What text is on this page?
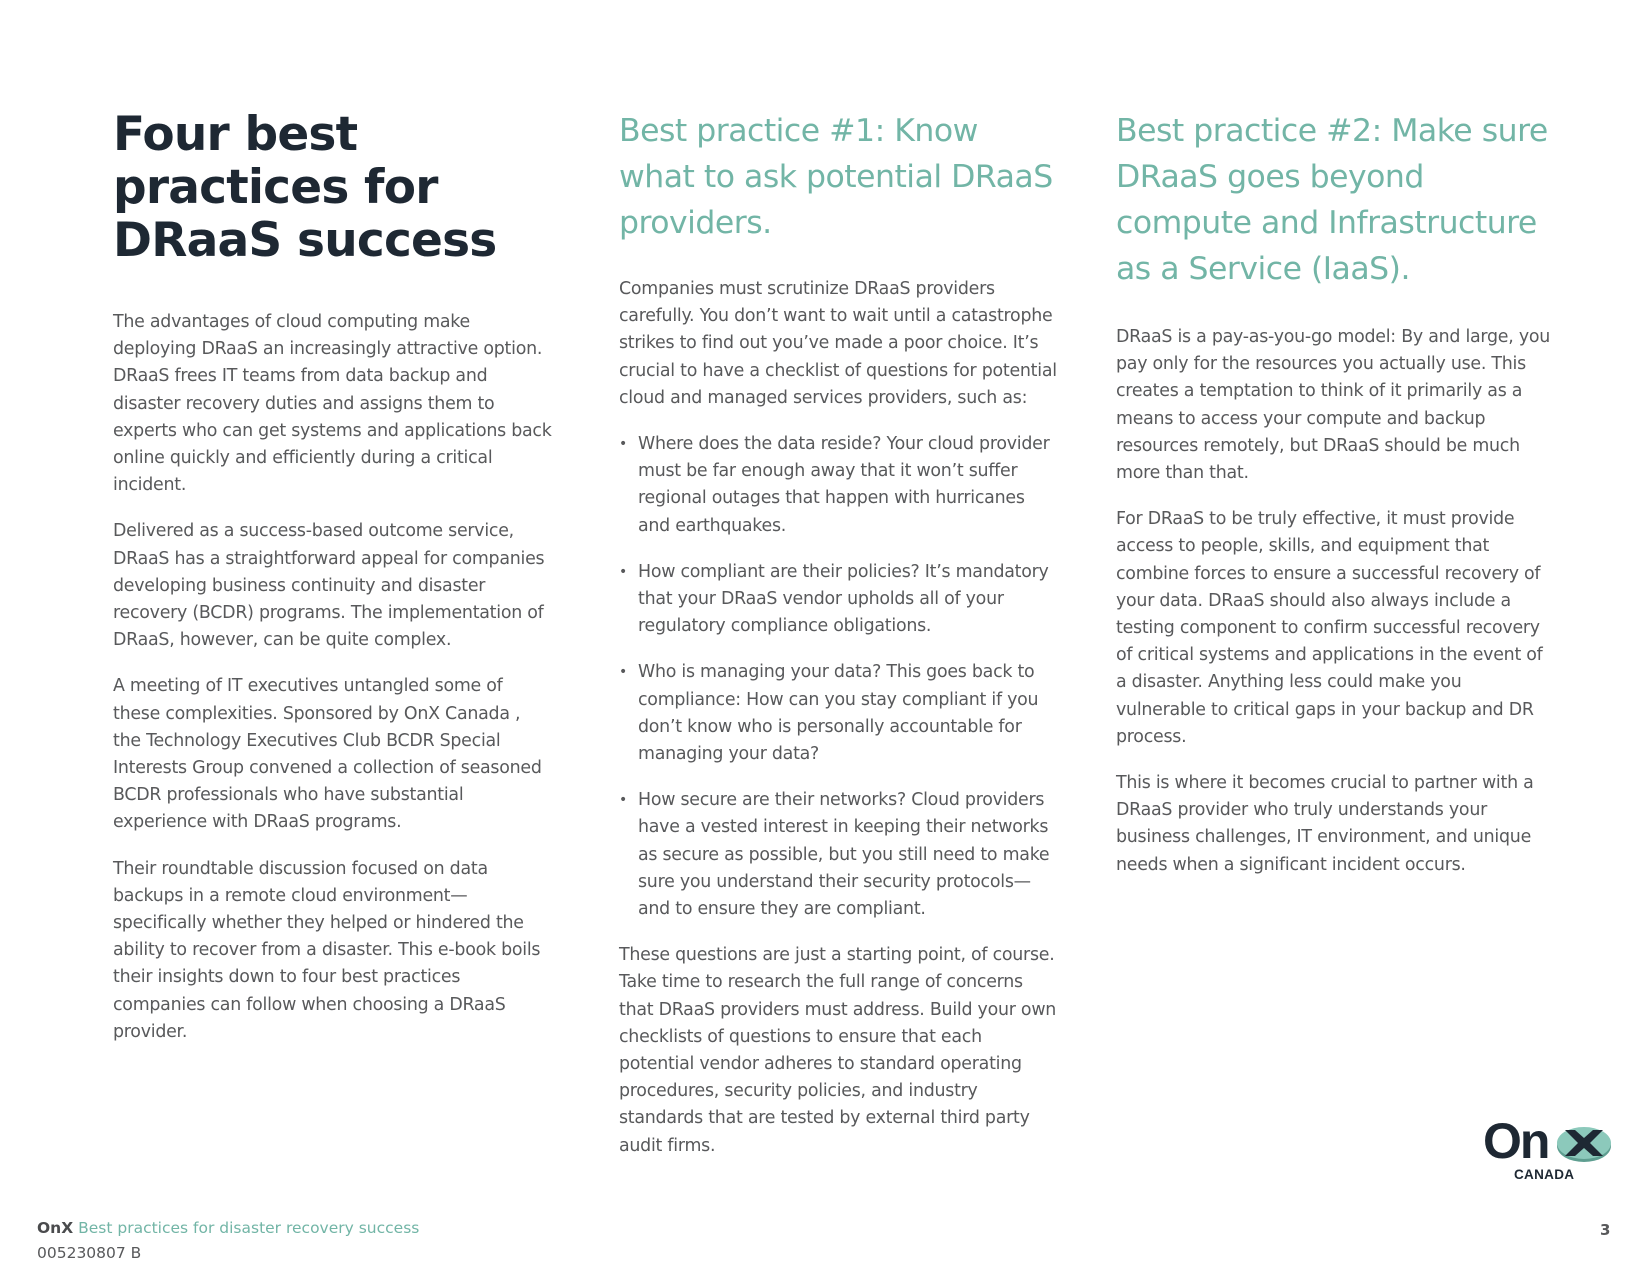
Four best
practices for
DRaaS success

The advantages of cloud computing make deploying DRaaS an increasingly attractive option. DRaaS frees IT teams from data backup and disaster recovery duties and assigns them to experts who can get systems and applications back online quickly and efficiently during a critical incident.

Delivered as a success-based outcome service, DRaaS has a straightforward appeal for companies developing business continuity and disaster recovery (BCDR) programs. The implementation of DRaaS, however, can be quite complex.

A meeting of IT executives untangled some of these complexities. Sponsored by OnX Canada , the Technology Executives Club BCDR Special Interests Group convened a collection of seasoned BCDR professionals who have substantial experience with DRaaS programs.

Their roundtable discussion focused on data backups in a remote cloud environment—specifically whether they helped or hindered the ability to recover from a disaster. This e-book boils their insights down to four best practices companies can follow when choosing a DRaaS provider.

Best practice #1: Know what to ask potential DRaaS providers.

Companies must scrutinize DRaaS providers carefully. You don’t want to wait until a catastrophe strikes to find out you’ve made a poor choice. It’s crucial to have a checklist of questions for potential cloud and managed services providers, such as:

• Where does the data reside? Your cloud provider must be far enough away that it won’t suffer regional outages that happen with hurricanes and earthquakes.
• How compliant are their policies? It’s mandatory that your DRaaS vendor upholds all of your regulatory compliance obligations.
• Who is managing your data? This goes back to compliance: How can you stay compliant if you don’t know who is personally accountable for managing your data?
• How secure are their networks? Cloud providers have a vested interest in keeping their networks as secure as possible, but you still need to make sure you understand their security protocols—and to ensure they are compliant.

These questions are just a starting point, of course. Take time to research the full range of concerns that DRaaS providers must address. Build your own checklists of questions to ensure that each potential vendor adheres to standard operating procedures, security policies, and industry standards that are tested by external third party audit firms.

Best practice #2: Make sure DRaaS goes beyond compute and Infrastructure as a Service (IaaS).

DRaaS is a pay-as-you-go model: By and large, you pay only for the resources you actually use. This creates a temptation to think of it primarily as a means to access your compute and backup resources remotely, but DRaaS should be much more than that.

For DRaaS to be truly effective, it must provide access to people, skills, and equipment that combine forces to ensure a successful recovery of your data. DRaaS should also always include a testing component to confirm successful recovery of critical systems and applications in the event of a disaster. Anything less could make you vulnerable to critical gaps in your backup and DR process.

This is where it becomes crucial to partner with a DRaaS provider who truly understands your business challenges, IT environment, and unique needs when a significant incident occurs.

On
CANADA
OnX Best practices for disaster recovery success
005230807 B
3
